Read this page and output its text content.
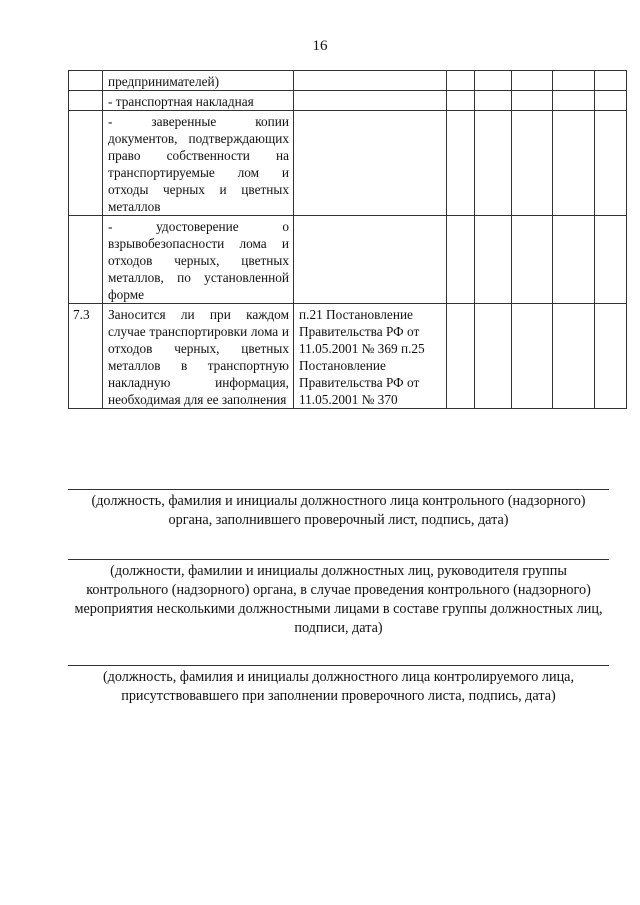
16
	предпринимателей)						
	- транспортная накладная						
	- заверенные копии документов, подтверждающих право собственности на транспортируемые лом и отходы черных и цветных металлов						
	- удостоверение о взрывобезопасности лома и отходов черных, цветных металлов, по установленной форме						
7.3	Заносится ли при каждом случае транспортировки лома и отходов черных, цветных металлов в транспортную накладную информация, необходимая для ее заполнения	п.21 Постановление Правительства РФ от 11.05.2001 № 369 п.25 Постановление Правительства РФ от 11.05.2001 № 370					
(должность, фамилия и инициалы должностного лица контрольного (надзорного) органа, заполнившего проверочный лист, подпись, дата)
(должности, фамилии и инициалы должностных лиц, руководителя группы контрольного (надзорного) органа, в случае проведения контрольного (надзорного) мероприятия несколькими должностными лицами в составе группы должностных лиц, подписи, дата)
(должность, фамилия и инициалы должностного лица контролируемого лица, присутствовавшего при заполнении проверочного листа, подпись, дата)
